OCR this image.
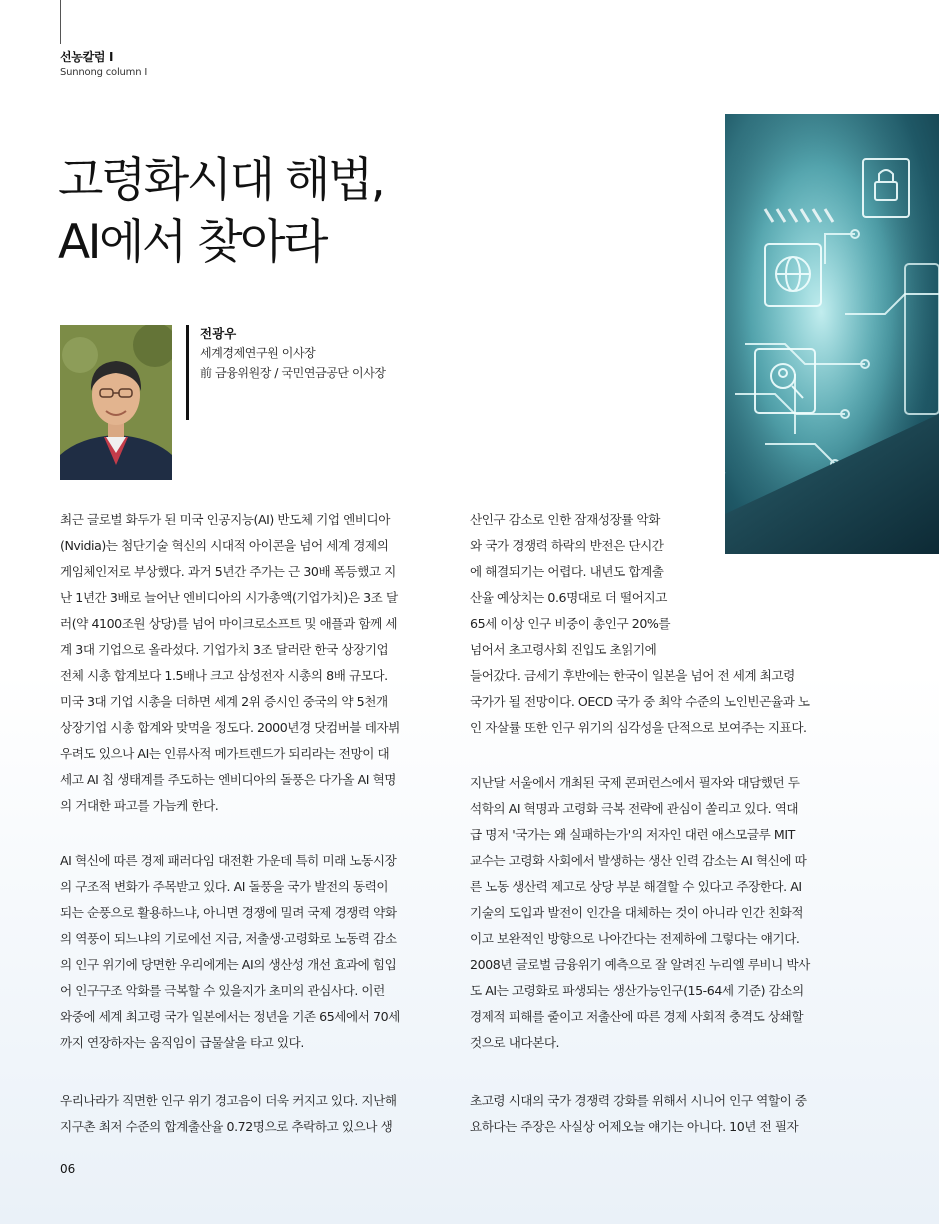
선농칼럼 I
Sunnong column I
고령화시대 해법,
AI에서 찾아라
전광우
세계경제연구원 이사장
前 금융위원장 / 국민연금공단 이사장
최근 글로벌 화두가 된 미국 인공지능(AI) 반도체 기업 엔비디아
(Nvidia)는 첨단기술 혁신의 시대적 아이콘을 넘어 세계 경제의
게임체인저로 부상했다. 과거 5년간 주가는 근 30배 폭등했고 지
난 1년간 3배로 늘어난 엔비디아의 시가총액(기업가치)은 3조 달
러(약 4100조원 상당)를 넘어 마이크로소프트 및 애플과 함께 세
계 3대 기업으로 올라섰다. 기업가치 3조 달러란 한국 상장기업
전체 시총 합계보다 1.5배나 크고 삼성전자 시총의 8배 규모다.
미국 3대 기업 시총을 더하면 세계 2위 증시인 중국의 약 5천개
상장기업 시총 합계와 맞먹을 정도다. 2000년경 닷컴버블 데자뷔
우려도 있으나 AI는 인류사적 메가트렌드가 되리라는 전망이 대
세고 AI 칩 생태계를 주도하는 엔비디아의 돌풍은 다가올 AI 혁명
의 거대한 파고를 가늠케 한다.
AI 혁신에 따른 경제 패러다임 대전환 가운데 특히 미래 노동시장
의 구조적 변화가 주목받고 있다. AI 돌풍을 국가 발전의 동력이
되는 순풍으로 활용하느냐, 아니면 경쟁에 밀려 국제 경쟁력 약화
의 역풍이 되느냐의 기로에선 지금, 저출생·고령화로 노동력 감소
의 인구 위기에 당면한 우리에게는 AI의 생산성 개선 효과에 힘입
어 인구구조 악화를 극복할 수 있을지가 초미의 관심사다. 이런
와중에 세계 최고령 국가 일본에서는 정년을 기존 65세에서 70세
까지 연장하자는 움직임이 급물살을 타고 있다.
우리나라가 직면한 인구 위기 경고음이 더욱 커지고 있다. 지난해
지구촌 최저 수준의 합계출산율 0.72명으로 추락하고 있으나 생
산인구 감소로 인한 잠재성장률 악화
와 국가 경쟁력 하락의 반전은 단시간
에 해결되기는 어렵다. 내년도 합계출
산율 예상치는 0.6명대로 더 떨어지고
65세 이상 인구 비중이 총인구 20%를
넘어서 초고령사회 진입도 초읽기에
들어갔다. 금세기 후반에는 한국이 일본을 넘어 전 세계 최고령
국가가 될 전망이다. OECD 국가 중 최악 수준의 노인빈곤율과 노
인 자살률 또한 인구 위기의 심각성을 단적으로 보여주는 지표다.
지난달 서울에서 개최된 국제 콘퍼런스에서 필자와 대담했던 두
석학의 AI 혁명과 고령화 극복 전략에 관심이 쏠리고 있다. 역대
급 명저 '국가는 왜 실패하는가'의 저자인 대런 애스모글루 MIT
교수는 고령화 사회에서 발생하는 생산 인력 감소는 AI 혁신에 따
른 노동 생산력 제고로 상당 부분 해결할 수 있다고 주장한다. AI
기술의 도입과 발전이 인간을 대체하는 것이 아니라 인간 친화적
이고 보완적인 방향으로 나아간다는 전제하에 그렇다는 얘기다.
2008년 글로벌 금융위기 예측으로 잘 알려진 누리엘 루비니 박사
도 AI는 고령화로 파생되는 생산가능인구(15-64세 기준) 감소의
경제적 피해를 줄이고 저출산에 따른 경제 사회적 충격도 상쇄할
것으로 내다본다.
초고령 시대의 국가 경쟁력 강화를 위해서 시니어 인구 역할이 중
요하다는 주장은 사실상 어제오늘 얘기는 아니다. 10년 전 필자
06
